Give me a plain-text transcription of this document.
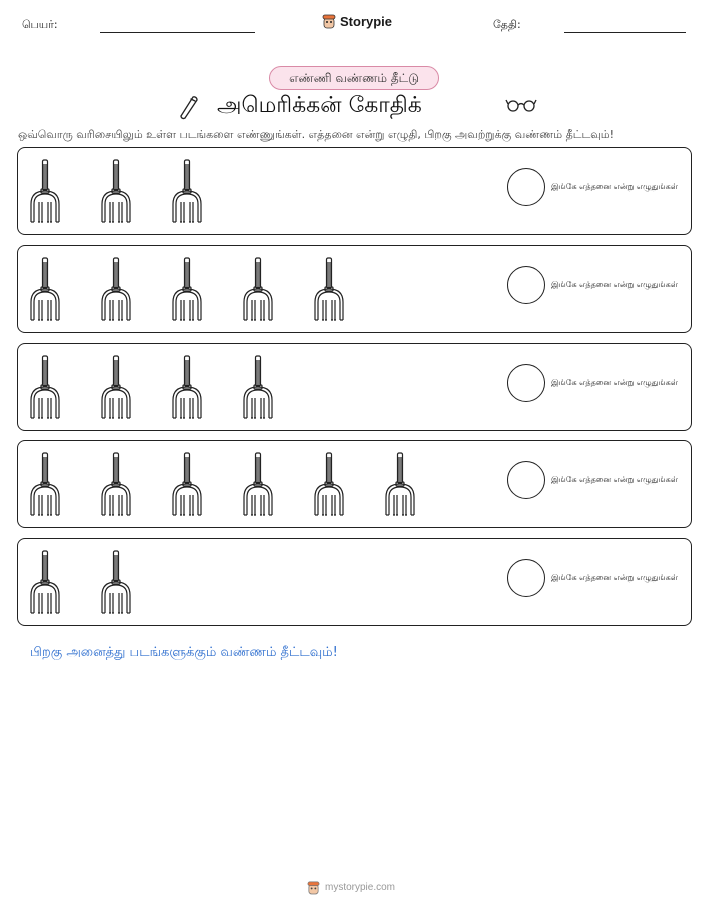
பெயர்:	Storypie	தேதி:
எண்ணி வண்ணம் தீட்டு
அமெரிக்கன் கோதிக்
ஒவ்வொரு வரிசையிலும் உள்ள படங்களை எண்ணுங்கள். எத்தனை என்று எழுதி, பிறகு அவற்றுக்கு வண்ணம் தீட்டவும்!
இங்கே எத்தனை என்று எழுதுங்கள்
இங்கே எத்தனை என்று எழுதுங்கள்
இங்கே எத்தனை என்று எழுதுங்கள்
இங்கே எத்தனை என்று எழுதுங்கள்
இங்கே எத்தனை என்று எழுதுங்கள்
பிறகு அனைத்து படங்களுக்கும் வண்ணம் தீட்டவும்!
mystorypie.com
